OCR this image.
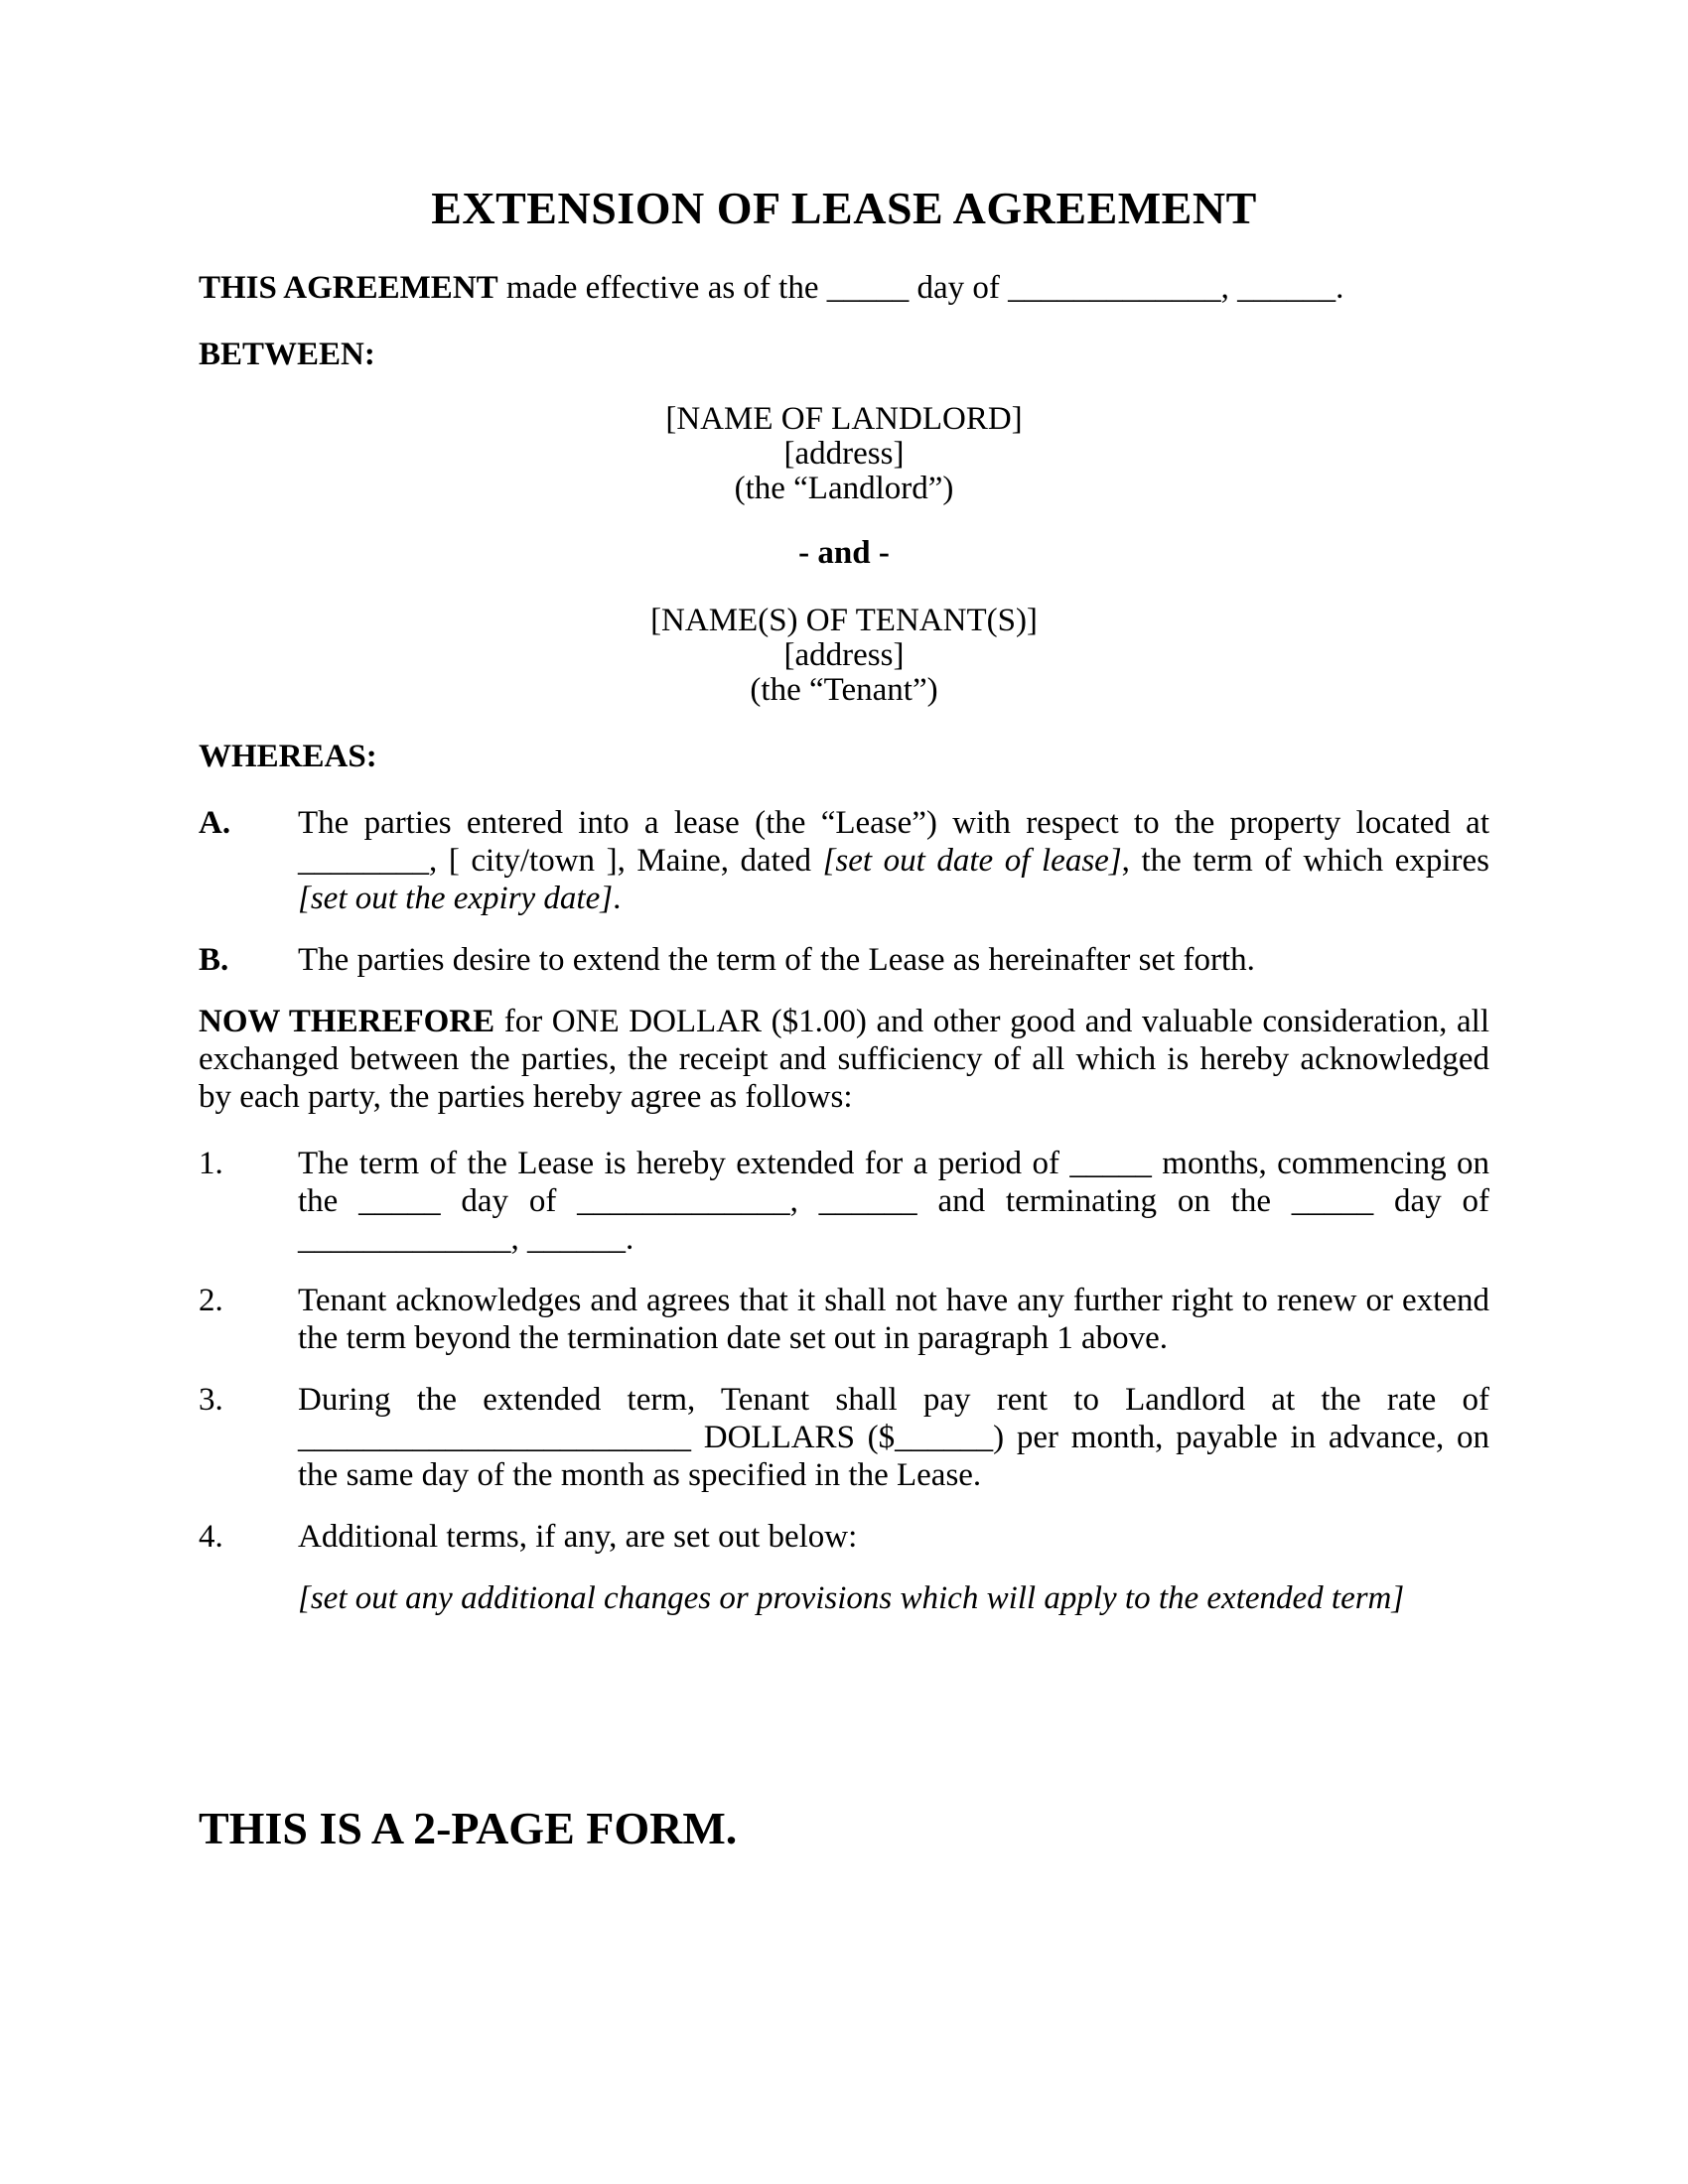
EXTENSION OF LEASE AGREEMENT

THIS AGREEMENT made effective as of the _____ day of _____________, ______.

BETWEEN:

[NAME OF LANDLORD]
[address]
(the “Landlord”)
- and -
[NAME(S) OF TENANT(S)]
[address]
(the “Tenant”)

WHEREAS:

A.	The parties entered into a lease (the “Lease”) with respect to the property located at ________, [ city/town ], Maine, dated [set out date of lease], the term of which expires [set out the expiry date].
B.	The parties desire to extend the term of the Lease as hereinafter set forth.

NOW THEREFORE for ONE DOLLAR ($1.00) and other good and valuable consideration, all exchanged between the parties, the receipt and sufficiency of all which is hereby acknowledged by each party, the parties hereby agree as follows:

1.	The term of the Lease is hereby extended for a period of _____ months, commencing on the _____ day of _____________, ______ and terminating on the _____ day of _____________, ______.
2.	Tenant acknowledges and agrees that it shall not have any further right to renew or extend the term beyond the termination date set out in paragraph 1 above.
3.	During the extended term, Tenant shall pay rent to Landlord at the rate of ________________________ DOLLARS ($______) per month, payable in advance, on the same day of the month as specified in the Lease.
4.	Additional terms, if any, are set out below:
[set out any additional changes or provisions which will apply to the extended term]
THIS IS A 2-PAGE FORM.
